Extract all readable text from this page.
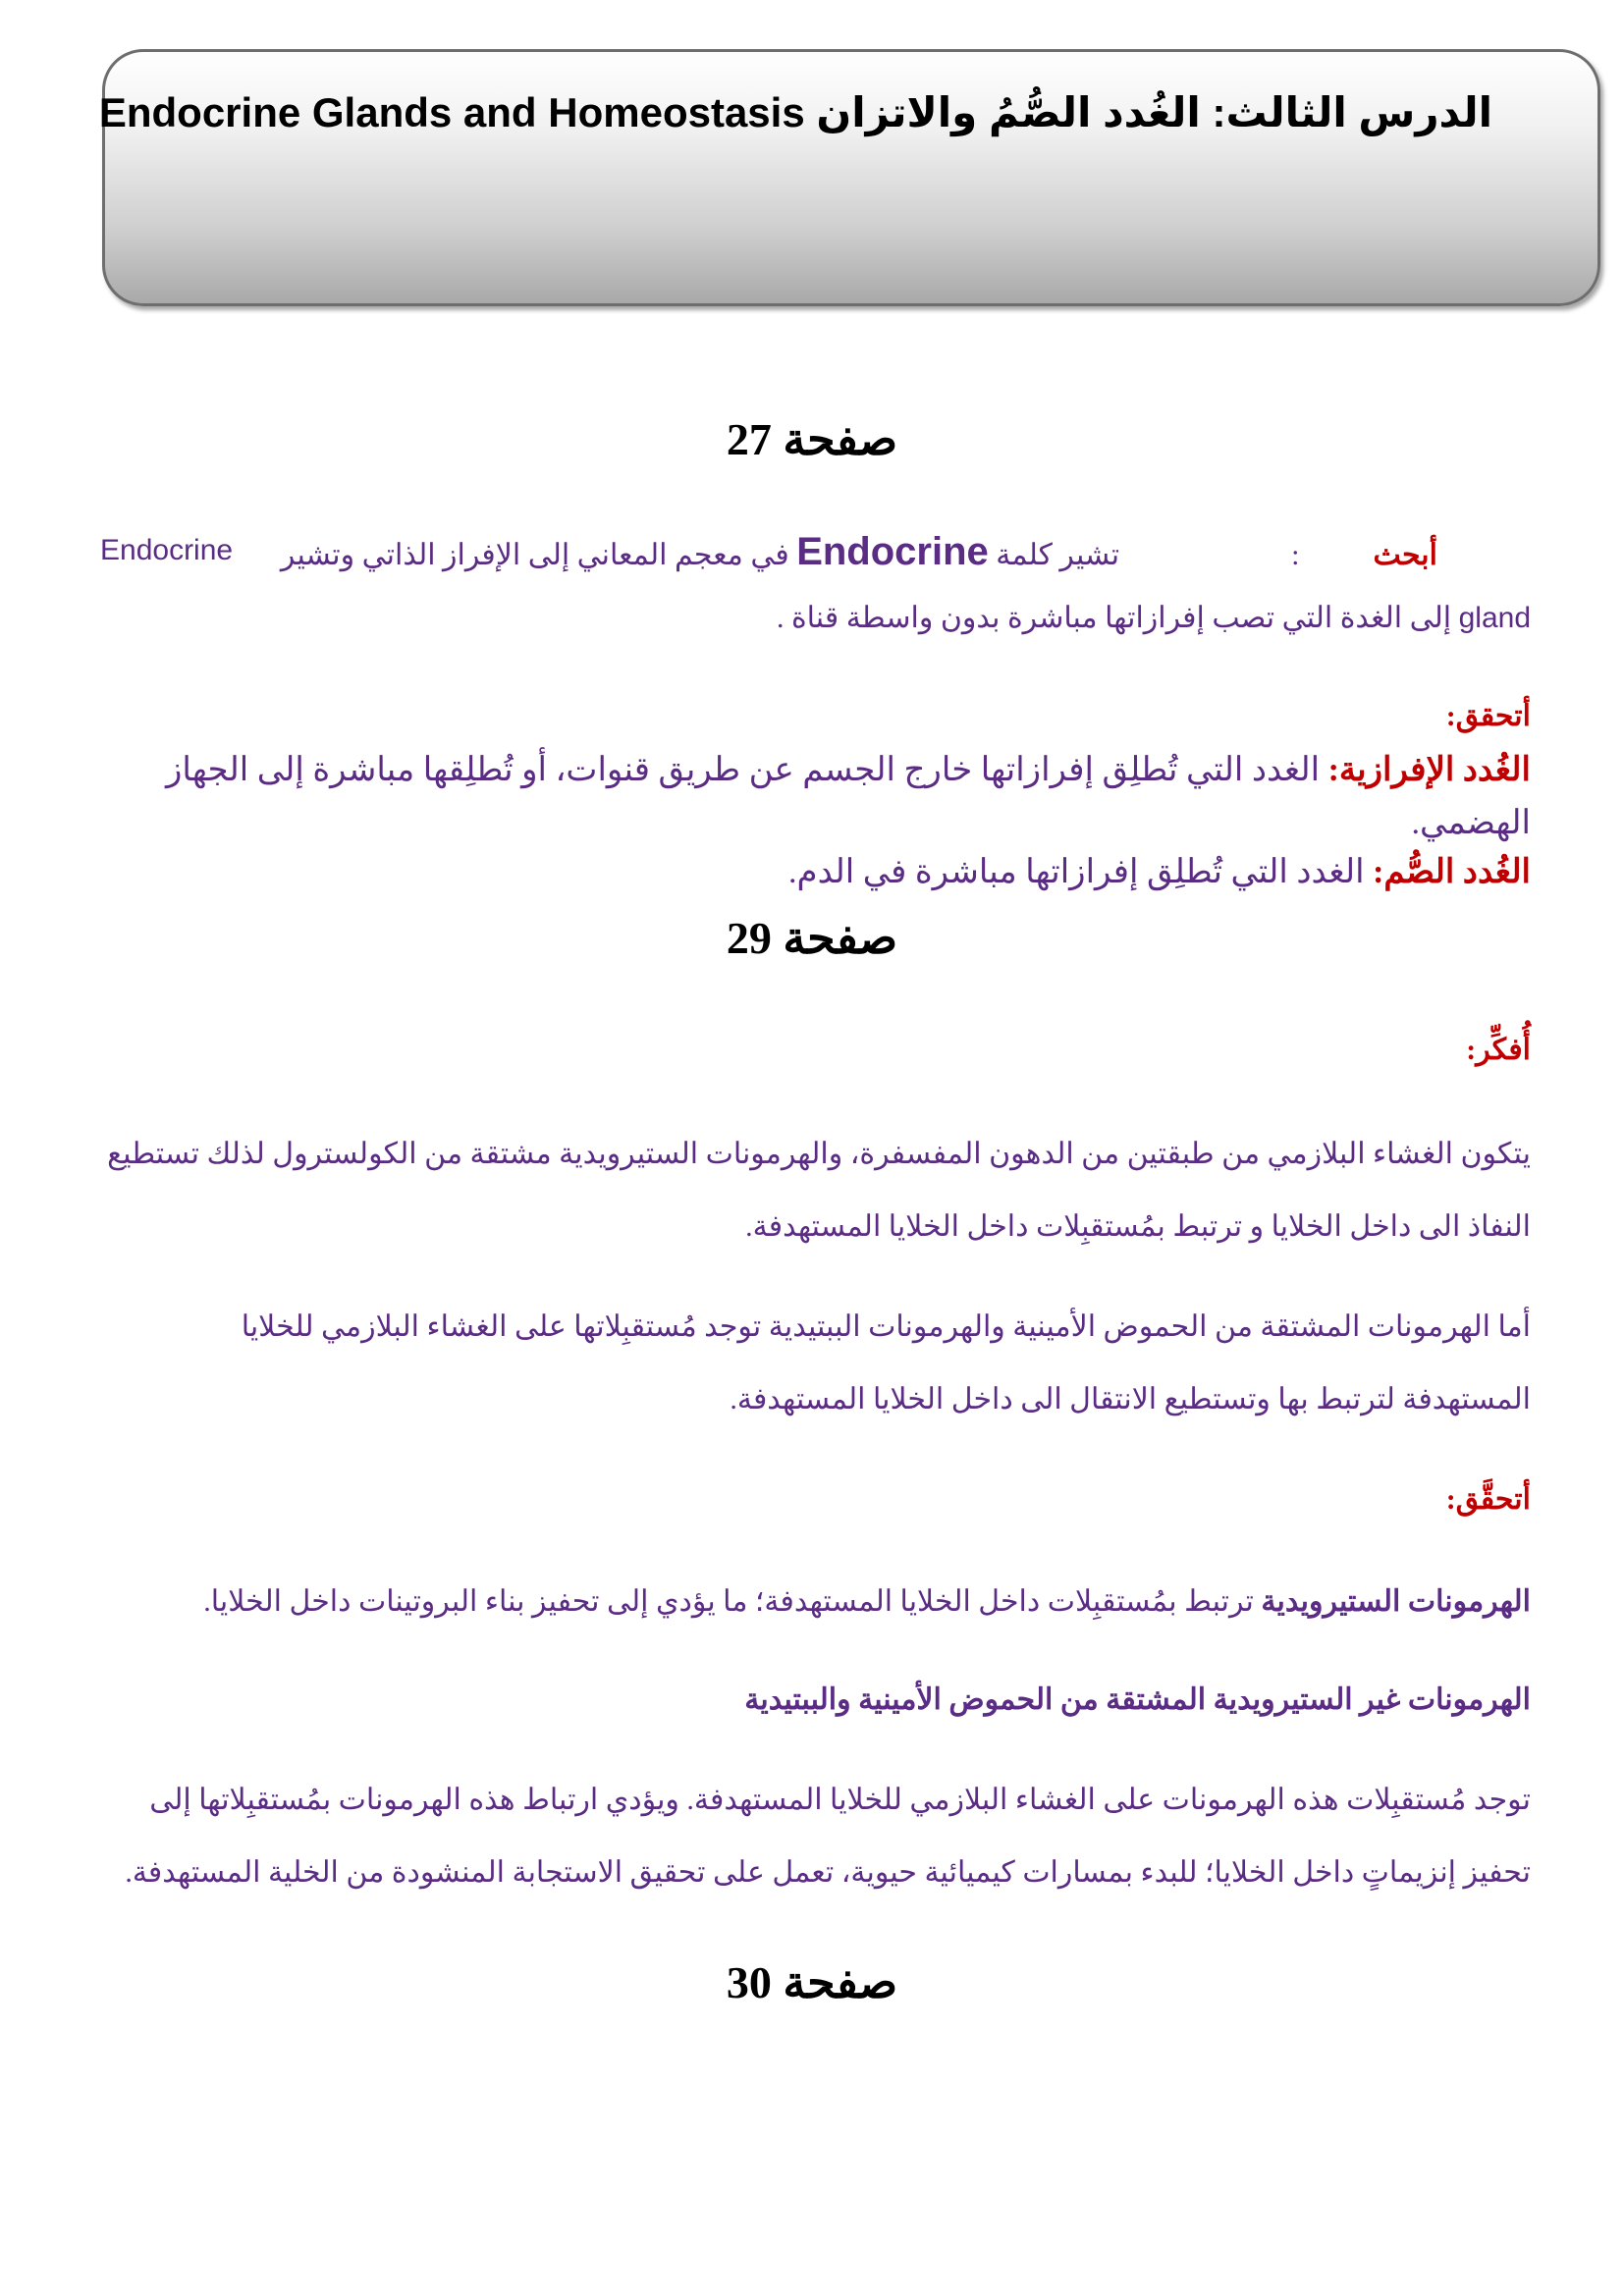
الدرس الثالث: الغُدد الصُّمُ والاتزان Endocrine Glands and Homeostasis
صفحة 27
أبحث  :  تشير كلمة Endocrine في معجم المعاني إلى الإفراز الذاتي وتشير
Endocrine
gland إلى الغدة التي تصب إفرازاتها مباشرة بدون واسطة قناة .
أتحقق:
الغُدد الإفرازية: الغدد التي تُطلِق إفرازاتها خارج الجسم عن طريق قنوات، أو تُطلِقها مباشرة إلى الجهاز
الهضمي.
الغُدد الصُّم: الغدد التي تُطلِق إفرازاتها مباشرة في الدم.
صفحة 29
أُفكِّر:
يتكون الغشاء البلازمي من طبقتين من الدهون المفسفرة، والهرمونات الستيرويدية مشتقة من الكولسترول لذلك تستطيع
النفاذ الى داخل الخلايا و ترتبط بمُستقبِلات داخل الخلايا المستهدفة.
أما الهرمونات المشتقة من الحموض الأمينية والهرمونات الببتيدية توجد مُستقبِلاتها على الغشاء البلازمي للخلايا
المستهدفة لترتبط بها وتستطيع الانتقال الى داخل الخلايا المستهدفة.
أتحقَّق:
الهرمونات الستيرويدية ترتبط بمُستقبِلات داخل الخلايا المستهدفة؛ ما يؤدي إلى تحفيز بناء البروتينات داخل الخلايا.
الهرمونات غير الستيرويدية المشتقة من الحموض الأمينية والببتيدية
توجد مُستقبِلات هذه الهرمونات على الغشاء البلازمي للخلايا المستهدفة. ويؤدي ارتباط هذه الهرمونات بمُستقبِلاتها إلى
تحفيز إنزيماتٍ داخل الخلايا؛ للبدء بمسارات كيميائية حيوية، تعمل على تحقيق الاستجابة المنشودة من الخلية المستهدفة.
صفحة 30
